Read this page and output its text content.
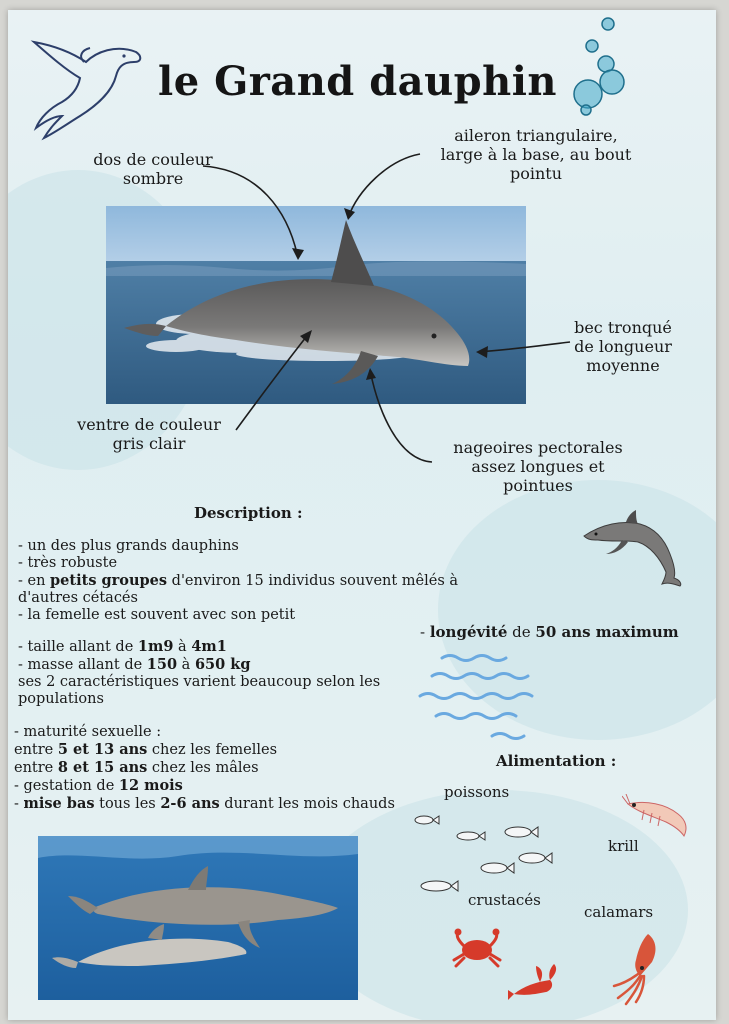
le Grand dauphin
dos de couleur
sombre
aileron triangulaire,
large à la base, au bout
pointu
bec tronqué
de longueur
moyenne
ventre de couleur
gris clair	nageoires pectorales
assez longues et
pointues
Description :
- un des plus grands dauphins
- très robuste
- en petits groupes d'environ 15 individus souvent mêlés à
d'autres cétacés
- la femelle est souvent avec son petit
- taille allant de 1m9 à 4m1
- masse allant de 150 à 650 kg
ses 2 caractéristiques varient beaucoup selon les
populations
- maturité sexuelle :
entre 5 et 13 ans chez les femelles
entre 8 et 15 ans chez les mâles
- gestation de 12 mois
- mise bas tous les 2-6 ans durant les mois chauds
- longévité de 50 ans maximum
Alimentation :
poissons
krill
crustacés
calamars
